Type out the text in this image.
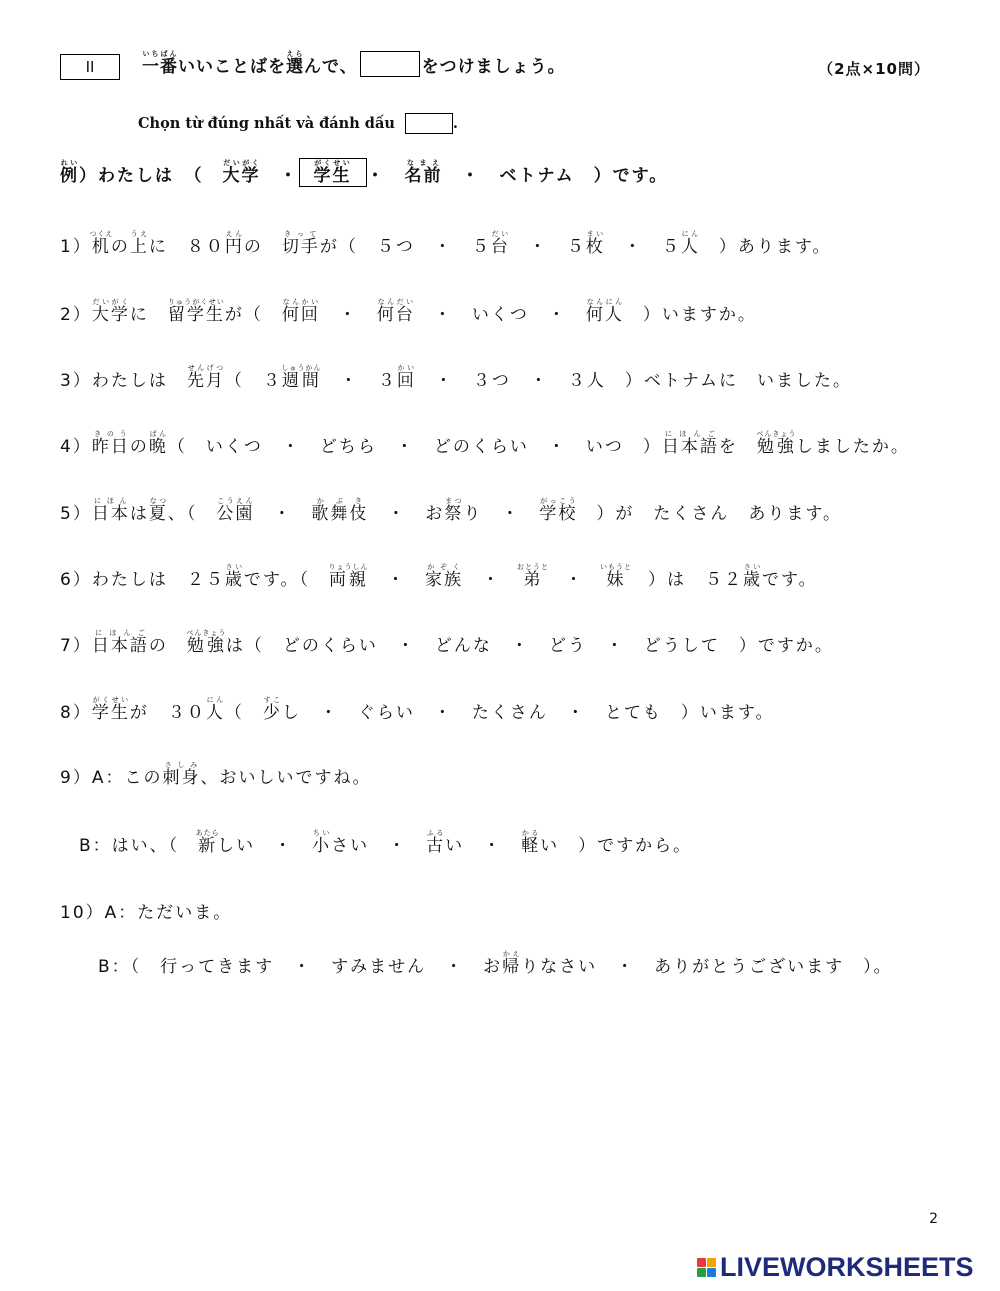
II	一番いちばんいいことばを選えらんで、	をつけましょう。	（2点×10問）
Chọn từ đúng nhất và đánh dấu	.
例れい）わたしは　（　大学だいがく　・ 学生がくせい・　名前なまえ　・　ベトナム　）です。
1）机つくえの上うえに　８０円えんの　切手きってが（　５つ　・　５台だい　・　５枚まい　・　５人にん　）あります。
2）大学だいがくに　留学生りゅうがくせいが（　何回なんかい　・　何台なんだい　・　いくつ　・　何人なんにん　）いますか。
3）わたしは　先月せんげつ（　３週間しゅうかん　・　３回かい　・　３つ　・　３人　）ベトナムに　いました。
4）昨日きのうの晩ばん（　いくつ　・　どちら　・　どのくらい　・　いつ　）日本語にほんごを　勉強べんきょうしましたか。
5）日本にほんは夏なつ、（　公園こうえん　・　歌舞伎かぶき　・　お祭まつり　・　学校がっこう　）が　たくさん　あります。
6）わたしは　２５歳さいです。（　両親りょうしん　・　家族かぞく　・　弟おとうと　・　妹いもうと　）は　５２歳さいです。
7）日本語にほんごの　勉強べんきょうは（　どのくらい　・　どんな　・　どう　・　どうして　）ですか。
8）学生がくせいが　３０人にん（　少すこし　・　ぐらい　・　たくさん　・　とても　）います。
9）A：この刺身さしみ、おいしいですね。
　B：はい、（　新あたらしい　・　小ちいさい　・　古ふるい　・　軽かるい　）ですから。
10）A：ただいま。
　　B：（　行ってきます　・　すみません　・　お帰かえりなさい　・　ありがとうございます　）。
2
LIVEWORKSHEETS
